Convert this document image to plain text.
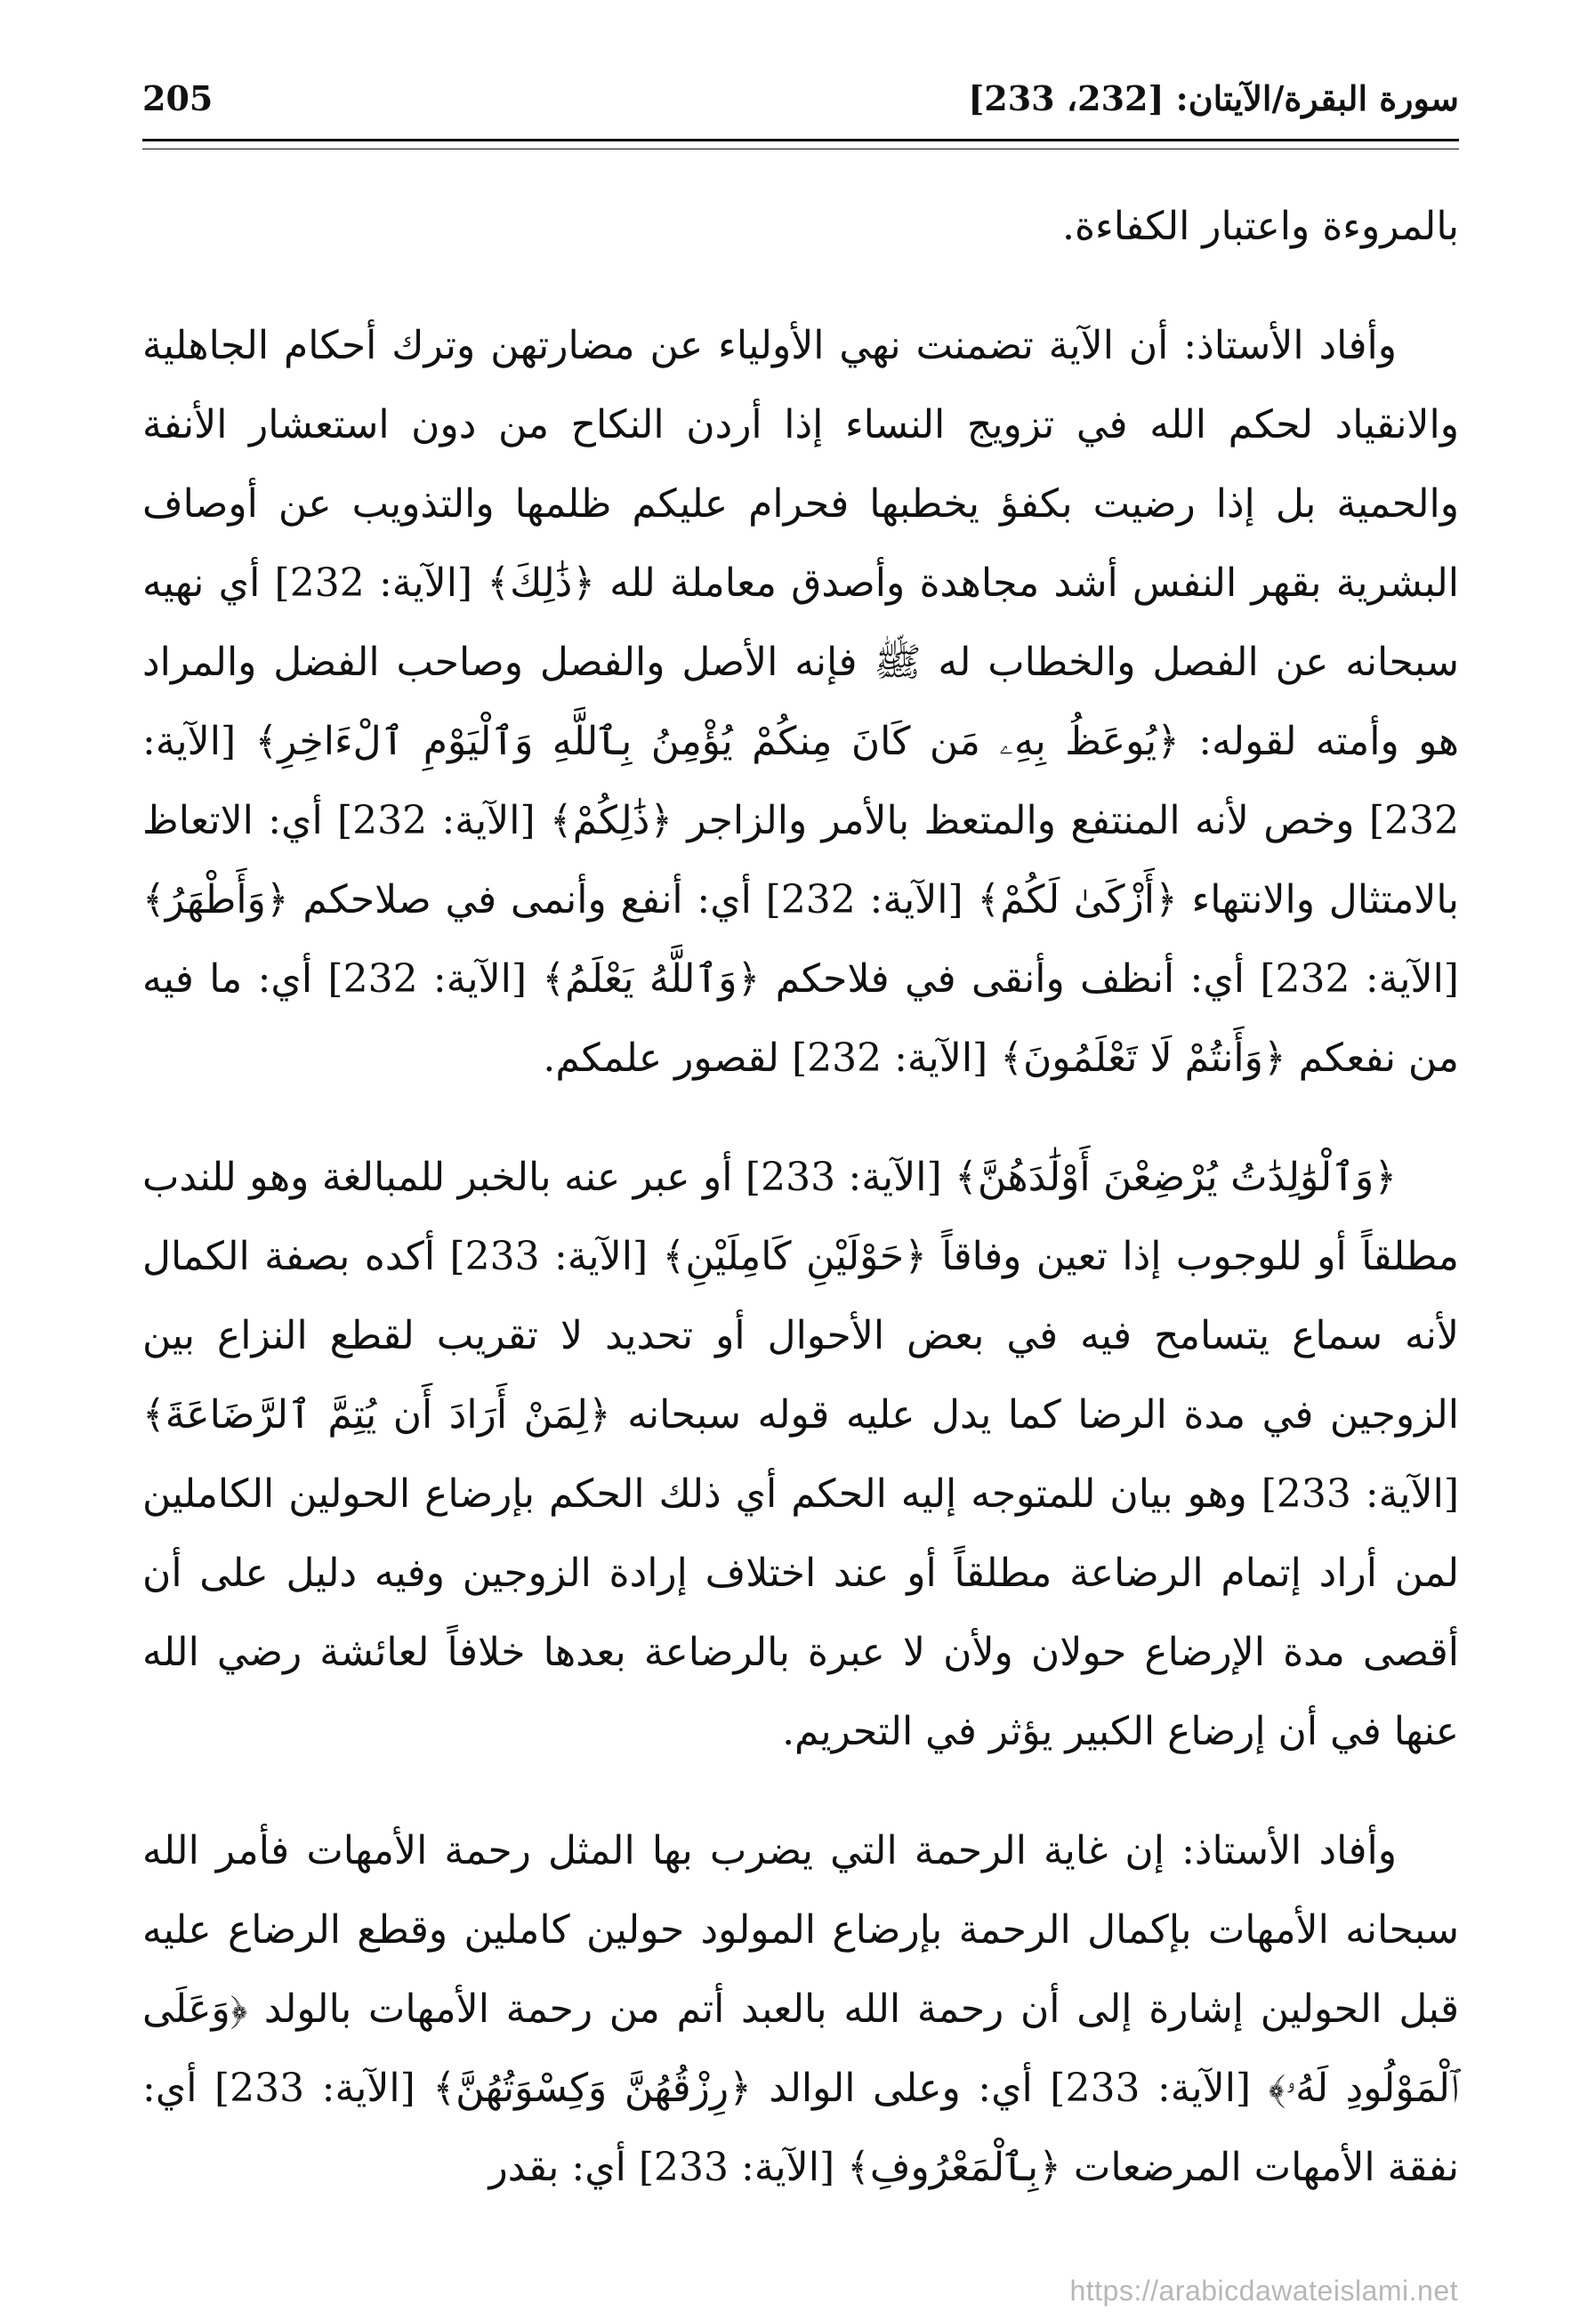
سورة البقرة/الآيتان: [232، 233]
205

بالمروءة واعتبار الكفاءة.

وأفاد الأستاذ: أن الآية تضمنت نهي الأولياء عن مضارتهن وترك أحكام الجاهلية والانقياد لحكم الله في تزويج النساء إذا أردن النكاح من دون استعشار الأنفة والحمية بل إذا رضيت بكفؤ يخطبها فحرام عليكم ظلمها والتذويب عن أوصاف البشرية بقهر النفس أشد مجاهدة وأصدق معاملة لله ﴿ذَٰلِكَ﴾ [الآية: 232] أي نهيه سبحانه عن الفصل والخطاب له ﷺ فإنه الأصل والفصل وصاحب الفضل والمراد هو وأمته لقوله: ﴿يُوعَظُ بِهِۦ مَن كَانَ مِنكُمْ يُؤْمِنُ بِٱللَّهِ وَٱلْيَوْمِ ٱلْءَاخِرِ﴾ [الآية: 232] وخص لأنه المنتفع والمتعظ بالأمر والزاجر ﴿ذَٰلِكُمْ﴾ [الآية: 232] أي: الاتعاظ بالامتثال والانتهاء ﴿أَزْكَىٰ لَكُمْ﴾ [الآية: 232] أي: أنفع وأنمى في صلاحكم ﴿وَأَطْهَرُ﴾ [الآية: 232] أي: أنظف وأنقى في فلاحكم ﴿وَٱللَّهُ يَعْلَمُ﴾ [الآية: 232] أي: ما فيه من نفعكم ﴿وَأَنتُمْ لَا تَعْلَمُونَ﴾ [الآية: 232] لقصور علمكم.

﴿وَٱلْوَٰلِدَٰتُ يُرْضِعْنَ أَوْلَٰدَهُنَّ﴾ [الآية: 233] أو عبر عنه بالخبر للمبالغة وهو للندب مطلقاً أو للوجوب إذا تعين وفاقاً ﴿حَوْلَيْنِ كَامِلَيْنِ﴾ [الآية: 233] أكده بصفة الكمال لأنه سماع يتسامح فيه في بعض الأحوال أو تحديد لا تقريب لقطع النزاع بين الزوجين في مدة الرضا كما يدل عليه قوله سبحانه ﴿لِمَنْ أَرَادَ أَن يُتِمَّ ٱلرَّضَاعَةَ﴾ [الآية: 233] وهو بيان للمتوجه إليه الحكم أي ذلك الحكم بإرضاع الحولين الكاملين لمن أراد إتمام الرضاعة مطلقاً أو عند اختلاف إرادة الزوجين وفيه دليل على أن أقصى مدة الإرضاع حولان ولأن لا عبرة بالرضاعة بعدها خلافاً لعائشة رضي الله عنها في أن إرضاع الكبير يؤثر في التحريم.

وأفاد الأستاذ: إن غاية الرحمة التي يضرب بها المثل رحمة الأمهات فأمر الله سبحانه الأمهات بإكمال الرحمة بإرضاع المولود حولين كاملين وقطع الرضاع عليه قبل الحولين إشارة إلى أن رحمة الله بالعبد أتم من رحمة الأمهات بالولد ﴿وَعَلَى ٱلْمَوْلُودِ لَهُۥ﴾ [الآية: 233] أي: وعلى الوالد ﴿رِزْقُهُنَّ وَكِسْوَتُهُنَّ﴾ [الآية: 233] أي: نفقة الأمهات المرضعات ﴿بِٱلْمَعْرُوفِ﴾ [الآية: 233] أي: بقدر

https://arabicdawateislami.net
